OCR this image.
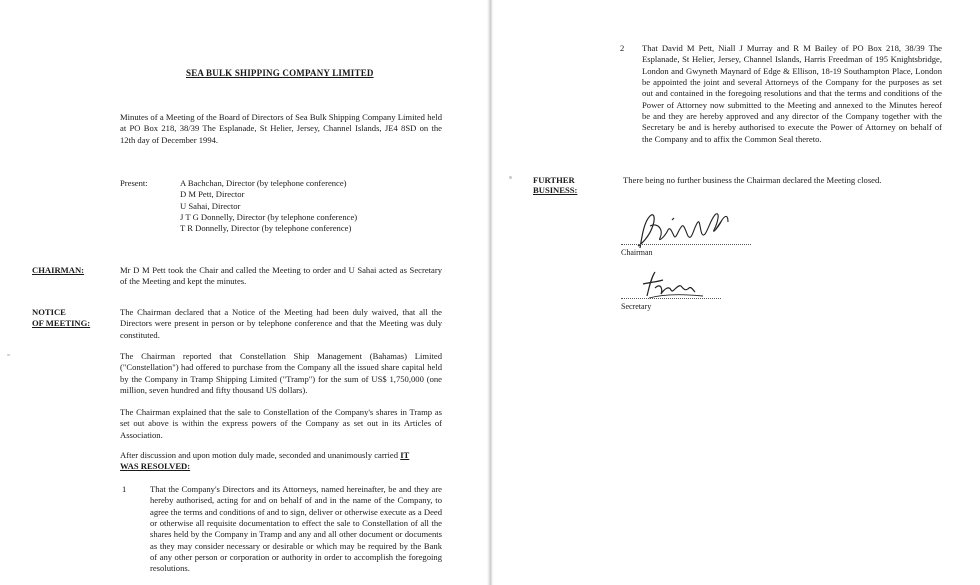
SEA BULK SHIPPING COMPANY LIMITED
Minutes of a Meeting of the Board of Directors of Sea Bulk Shipping Company Limited held at PO Box 218, 38/39 The Esplanade, St Helier, Jersey, Channel Islands, JE4 8SD on the 12th day of December 1994.
Present:	A Bachchan, Director (by telephone conference)
D M Pett, Director
U Sahai, Director
J T G Donnelly, Director (by telephone conference)
T R Donnelly, Director (by telephone conference)
CHAIRMAN:	Mr D M Pett took the Chair and called the Meeting to order and U Sahai acted as Secretary of the Meeting and kept the minutes.
NOTICE
OF MEETING:
The Chairman declared that a Notice of the Meeting had been duly waived, that all the Directors were present in person or by telephone conference and that the Meeting was duly constituted.
The Chairman reported that Constellation Ship Management (Bahamas) Limited ("Constellation") had offered to purchase from the Company all the issued share capital held by the Company in Tramp Shipping Limited ("Tramp") for the sum of US$ 1,750,000 (one million, seven hundred and fifty thousand US dollars).
The Chairman explained that the sale to Constellation of the Company's shares in Tramp as set out above is within the express powers of the Company as set out in its Articles of Association.
After discussion and upon motion duly made, seconded and unanimously carried IT
WAS RESOLVED:
1	That the Company's Directors and its Attorneys, named hereinafter, be and they are hereby authorised, acting for and on behalf of and in the name of the Company, to agree the terms and conditions of and to sign, deliver or otherwise execute as a Deed or otherwise all requisite documentation to effect the sale to Constellation of all the shares held by the Company in Tramp and any and all other document or documents as they may consider necessary or desirable or which may be required by the Bank of any other person or corporation or authority in order to accomplish the foregoing resolutions.
2 That David M Pett, Niall J Murray and R M Bailey of PO Box 218, 38/39 The Esplanade, St Helier, Jersey, Channel Islands, Harris Freedman of 195 Knightsbridge, London and Gwyneth Maynard of Edge & Ellison, 18-19 Southampton Place, London be appointed the joint and several Attorneys of the Company for the purposes as set out and contained in the foregoing resolutions and that the terms and conditions of the Power of Attorney now submitted to the Meeting and annexed to the Minutes hereof be and they are hereby approved and any director of the Company together with the Secretary be and is hereby authorised to execute the Power of Attorney on behalf of the Company and to affix the Common Seal thereto.
FURTHER
BUSINESS:
There being no further business the Chairman declared the Meeting closed.
Chairman
Secretary
